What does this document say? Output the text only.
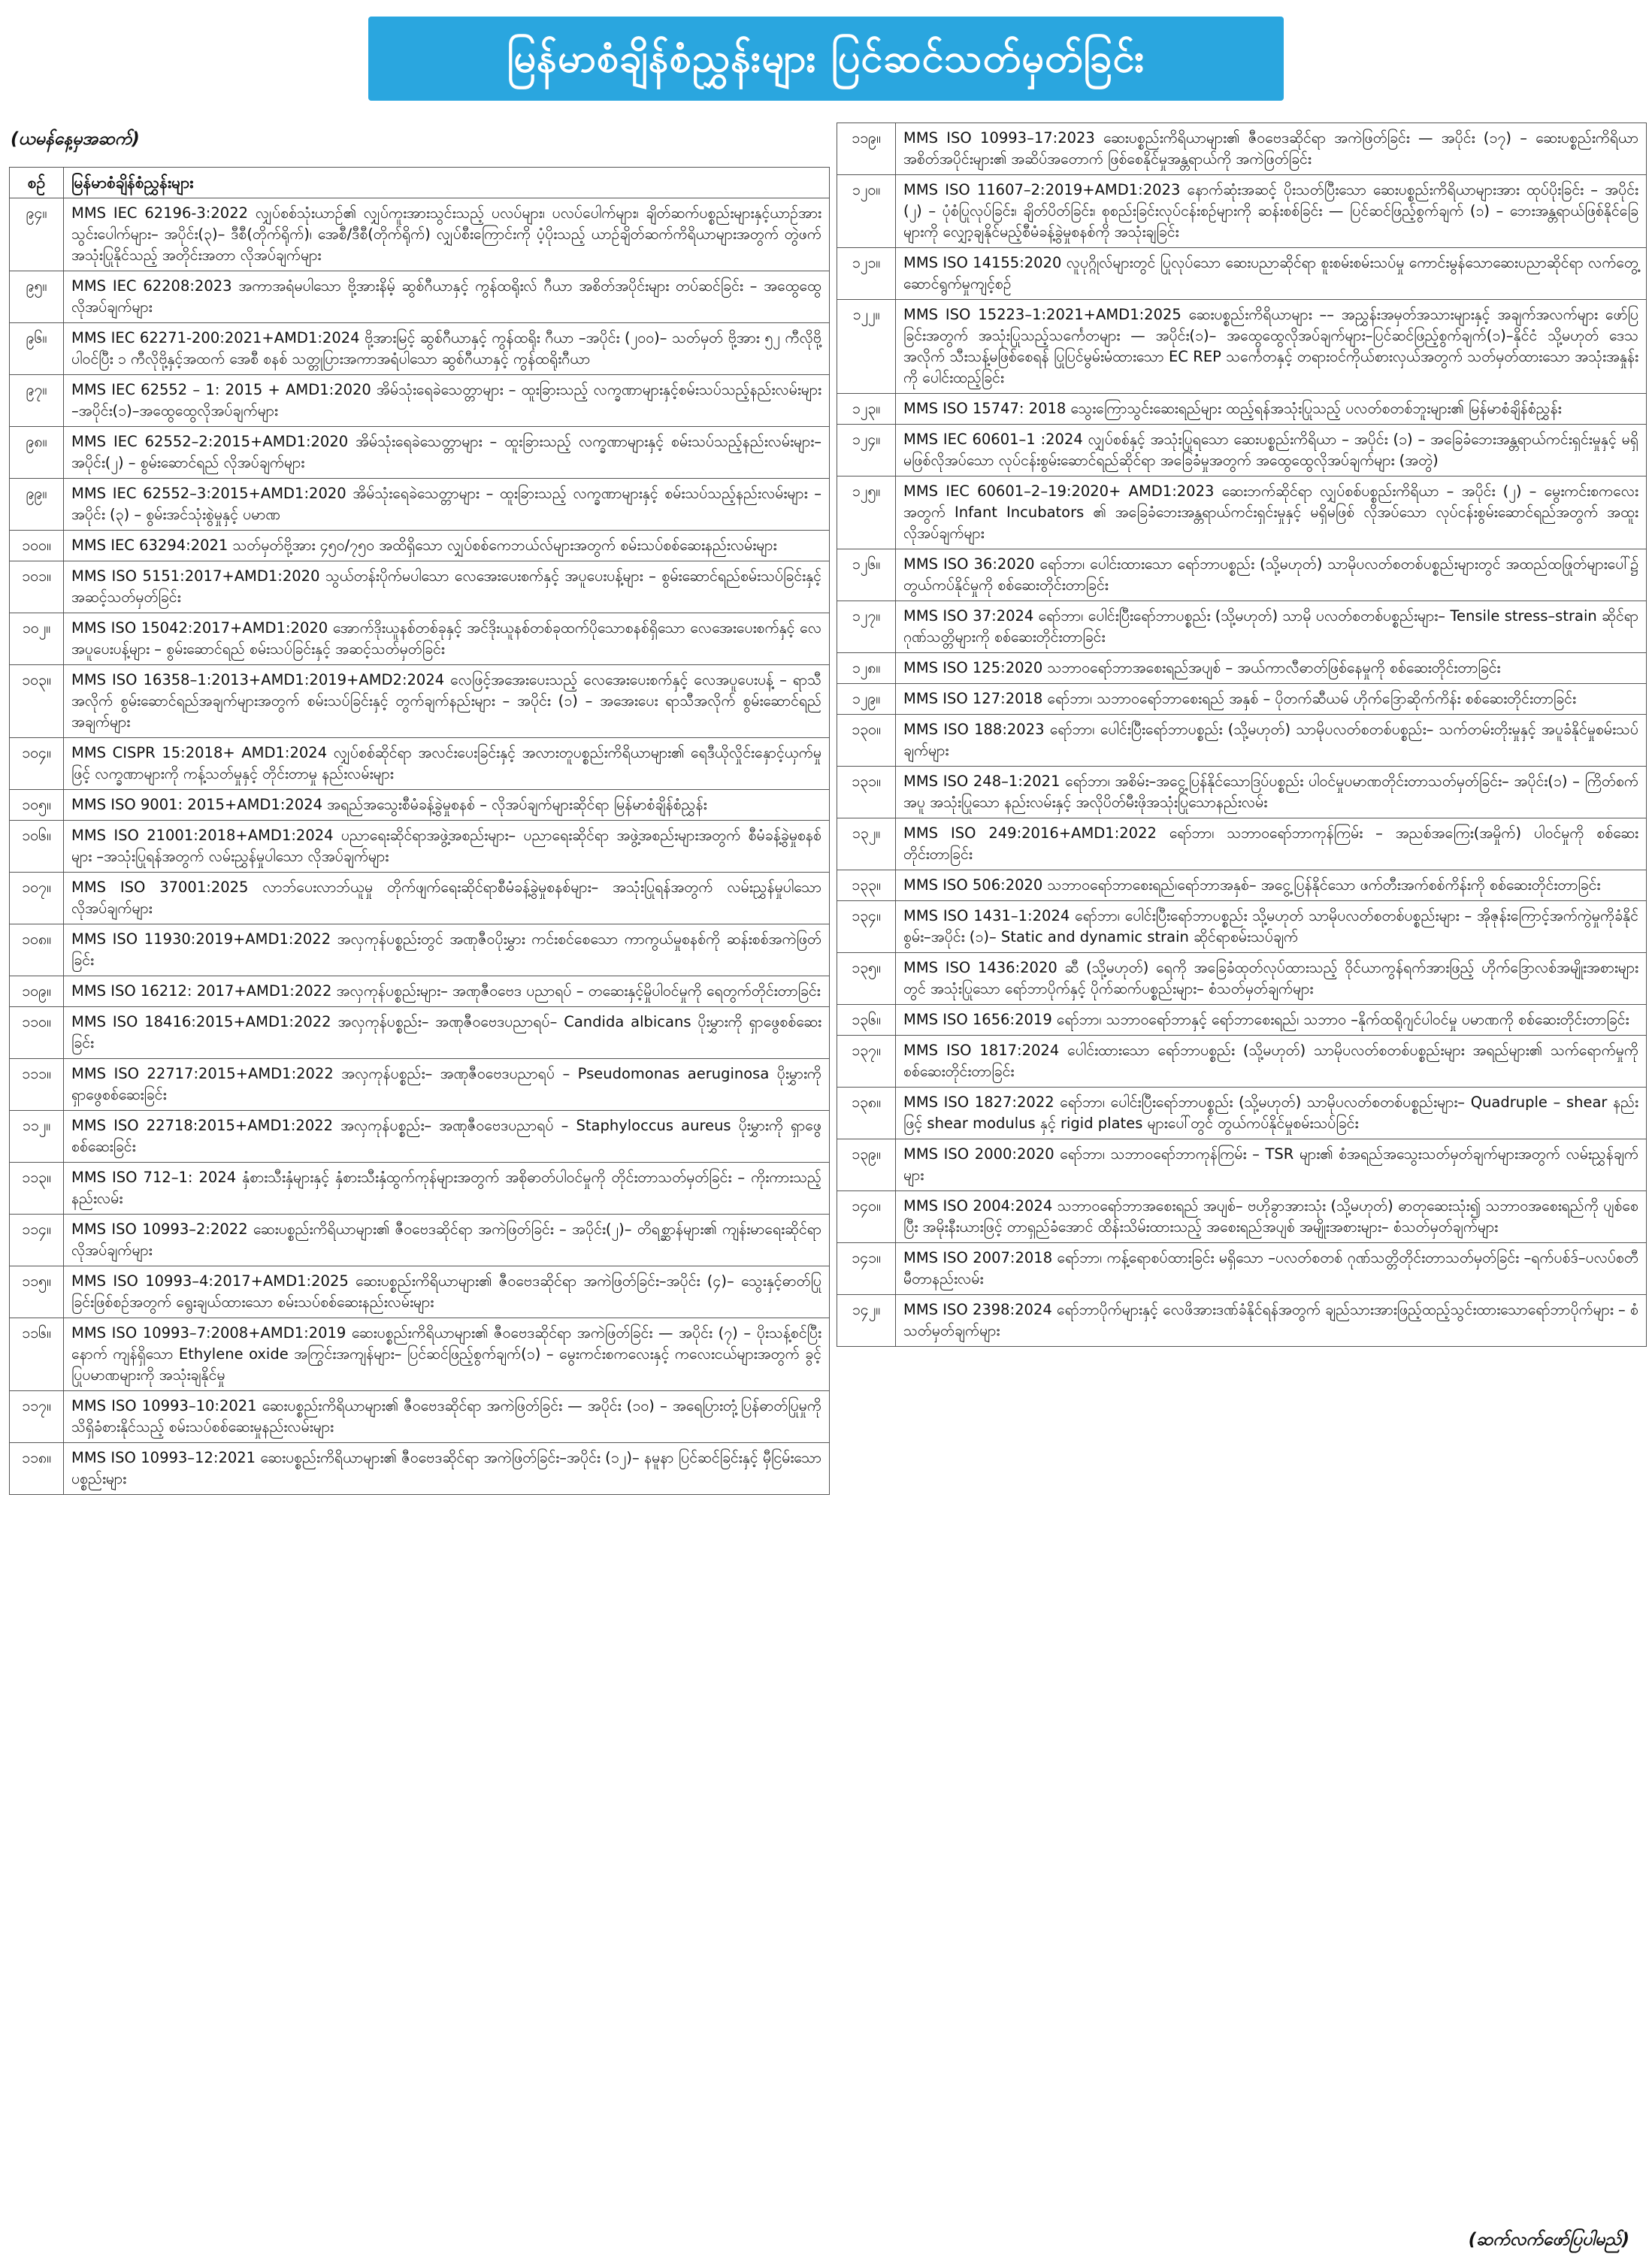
မြန်မာစံချိန်စံညွှန်းများ ပြင်ဆင်သတ်မှတ်ခြင်း
(ယမန်နေ့မှအဆက်)
စဉ်	မြန်မာစံချိန်စံညွှန်းများ
၉၄။	MMS IEC 62196-3:2022 လျှပ်စစ်သုံးယာဉ်၏ လျှပ်ကူးအားသွင်းသည့် ပလပ်များ၊ ပလပ်ပေါက်များ၊ ချိတ်ဆက်ပစ္စည်းများနှင့်ယာဉ်အားသွင်းပေါက်များ– အပိုင်း(၃)– ဒီစီ(တိုက်ရိုက်)၊ အေစီ/ဒီစီ(တိုက်ရိုက်) လျှပ်စီးကြောင်းကို ပံ့ပိုးသည့် ယာဉ်ချိတ်ဆက်ကိရိယာများအတွက် တွဲဖက်အသုံးပြုနိုင်သည့် အတိုင်းအတာ လိုအပ်ချက်များ
၉၅။	MMS IEC 62208:2023 အကာအရံမပါသော ဗို့အားနိမ့် ဆွစ်ဂီယာနှင့် ကွန်ထရိုးလ် ဂီယာ အစိတ်အပိုင်းများ တပ်ဆင်ခြင်း – အထွေထွေလိုအပ်ချက်များ
၉၆။	MMS IEC 62271-200:2021+AMD1:2024 ဗို့အားမြင့် ဆွစ်ဂီယာနှင့် ကွန်ထရိုး ဂီယာ –အပိုင်း (၂၀၀)– သတ်မှတ် ဗို့အား ၅၂ ကီလိုဗို့ ပါဝင်ပြီး ၁ ကီလိုဗို့နှင့်အထက် အေစီ စနစ် သတ္တုပြားအကာအရံပါသော ဆွစ်ဂီယာနှင့် ကွန်ထရိုးဂီယာ
၉၇။	MMS IEC 62552 – 1: 2015 + AMD1:2020 အိမ်သုံးရေခဲသေတ္တာများ – ထူးခြားသည့် လက္ခဏာများနှင့်စမ်းသပ်သည့်နည်းလမ်းများ –အပိုင်း(၁)–အထွေထွေလိုအပ်ချက်များ
၉၈။	MMS IEC 62552–2:2015+AMD1:2020 အိမ်သုံးရေခဲသေတ္တာများ – ထူးခြားသည့် လက္ခဏာများနှင့် စမ်းသပ်သည့်နည်းလမ်းများ– အပိုင်း(၂) – စွမ်းဆောင်ရည် လိုအပ်ချက်များ
၉၉။	MMS IEC 62552–3:2015+AMD1:2020 အိမ်သုံးရေခဲသေတ္တာများ – ထူးခြားသည့် လက္ခဏာများနှင့် စမ်းသပ်သည့်နည်းလမ်းများ –အပိုင်း (၃) – စွမ်းအင်သုံးစွဲမှုနှင့် ပမာဏ
၁၀၀။	MMS IEC 63294:2021 သတ်မှတ်ဗို့အား ၄၅၀/၇၅၀ အထိရှိသော လျှပ်စစ်ကေဘယ်လ်များအတွက် စမ်းသပ်စစ်ဆေးနည်းလမ်းများ
၁၀၁။	MMS ISO 5151:2017+AMD1:2020 သွယ်တန်းပိုက်မပါသော လေအေးပေးစက်နှင့် အပူပေးပန့်များ – စွမ်းဆောင်ရည်စမ်းသပ်ခြင်းနှင့် အဆင့်သတ်မှတ်ခြင်း
၁၀၂။	MMS ISO 15042:2017+AMD1:2020 အောက်ဒိုးယူနစ်တစ်ခုနှင့် အင်ဒိုးယူနစ်တစ်ခုထက်ပိုသောစနစ်ရှိသော လေအေးပေးစက်နှင့် လေအပူပေးပန့်များ – စွမ်းဆောင်ရည် စမ်းသပ်ခြင်းနှင့် အဆင့်သတ်မှတ်ခြင်း
၁၀၃။	MMS ISO 16358–1:2013+AMD1:2019+AMD2:2024 လေဖြင့်အအေးပေးသည့် လေအေးပေးစက်နှင့် လေအပူပေးပန့် – ရာသီအလိုက် စွမ်းဆောင်ရည်အချက်များအတွက် စမ်းသပ်ခြင်းနှင့် တွက်ချက်နည်းများ – အပိုင်း (၁) – အအေးပေး ရာသီအလိုက် စွမ်းဆောင်ရည်အချက်များ
၁၀၄။	MMS CISPR 15:2018+ AMD1:2024 လျှပ်စစ်ဆိုင်ရာ အလင်းပေးခြင်းနှင့် အလားတူပစ္စည်းကိရိယာများ၏ ရေဒီယိုလှိုင်းနှောင့်ယှက်မှုဖြင့် လက္ခဏာများကို ကန့်သတ်မှုနှင့် တိုင်းတာမှု နည်းလမ်းများ
၁၀၅။	MMS ISO 9001: 2015+AMD1:2024 အရည်အသွေးစီမံခန့်ခွဲမှုစနစ် – လိုအပ်ချက်များဆိုင်ရာ မြန်မာစံချိန်စံညွှန်း
၁၀၆။	MMS ISO 21001:2018+AMD1:2024 ပညာရေးဆိုင်ရာအဖွဲ့အစည်းများ– ပညာရေးဆိုင်ရာ အဖွဲ့အစည်းများအတွက် စီမံခန့်ခွဲမှုစနစ်များ –အသုံးပြုရန်အတွက် လမ်းညွှန်မှုပါသော လိုအပ်ချက်များ
၁၀၇။	MMS ISO 37001:2025 လာဘ်ပေးလာဘ်ယူမှု တိုက်ဖျက်ရေးဆိုင်ရာစီမံခန့်ခွဲမှုစနစ်များ– အသုံးပြုရန်အတွက် လမ်းညွှန်မှုပါသောလိုအပ်ချက်များ
၁၀၈။	MMS ISO 11930:2019+AMD1:2022 အလှကုန်ပစ္စည်းတွင် အဏုဇီဝပိုးမွှား ကင်းစင်စေသော ကာကွယ်မှုစနစ်ကို ဆန်းစစ်အကဲဖြတ်ခြင်း
၁၀၉။	MMS ISO 16212: 2017+AMD1:2022 အလှကုန်ပစ္စည်းများ– အဏုဇီဝဗေဒ ပညာရပ် – တဆေးနှင့်မှိုပါဝင်မှုကို ရေတွက်တိုင်းတာခြင်း
၁၁၀။	MMS ISO 18416:2015+AMD1:2022 အလှကုန်ပစ္စည်း– အဏုဇီဝဗေဒပညာရပ်– Candida albicans ပိုးမွှားကို ရှာဖွေစစ်ဆေးခြင်း
၁၁၁။	MMS ISO 22717:2015+AMD1:2022 အလှကုန်ပစ္စည်း– အဏုဇီဝဗေဒပညာရပ် – Pseudomonas aeruginosa ပိုးမွှားကို ရှာဖွေစစ်ဆေးခြင်း
၁၁၂။	MMS ISO 22718:2015+AMD1:2022 အလှကုန်ပစ္စည်း– အဏုဇီဝဗေဒပညာရပ် – Staphyloccus aureus ပိုးမွှားကို ရှာဖွေစစ်ဆေးခြင်း
၁၁၃။	MMS ISO 712–1: 2024 နှံစားသီးနှံများနှင့် နှံစားသီးနှံထွက်ကုန်များအတွက် အစိုဓာတ်ပါဝင်မှုကို တိုင်းတာသတ်မှတ်ခြင်း – ကိုးကားသည့်နည်းလမ်း
၁၁၄။	MMS ISO 10993–2:2022 ဆေးပစ္စည်းကိရိယာများ၏ ဇီဝဗေဒဆိုင်ရာ အကဲဖြတ်ခြင်း – အပိုင်း(၂)– တိရစ္ဆာန်များ၏ ကျန်းမာရေးဆိုင်ရာ လိုအပ်ချက်များ
၁၁၅။	MMS ISO 10993–4:2017+AMD1:2025 ဆေးပစ္စည်းကိရိယာများ၏ ဇီဝဗေဒဆိုင်ရာ အကဲဖြတ်ခြင်း–အပိုင်း (၄)– သွေးနှင့်ဓာတ်ပြုခြင်းဖြစ်စဉ်အတွက် ရွေးချယ်ထားသော စမ်းသပ်စစ်ဆေးနည်းလမ်းများ
၁၁၆။	MMS ISO 10993–7:2008+AMD1:2019 ဆေးပစ္စည်းကိရိယာများ၏ ဇီဝဗေဒဆိုင်ရာ အကဲဖြတ်ခြင်း — အပိုင်း (၇) – ပိုးသန့်စင်ပြီးနောက် ကျန်ရှိသော Ethylene oxide အကြွင်းအကျန်များ– ပြင်ဆင်ဖြည့်စွက်ချက်(၁) – မွေးကင်းစကလေးနှင့် ကလေးငယ်များအတွက် ခွင့်ပြုပမာဏများကို အသုံးချနိုင်မှု
၁၁၇။	MMS ISO 10993–10:2021 ဆေးပစ္စည်းကိရိယာများ၏ ဇီဝဗေဒဆိုင်ရာ အကဲဖြတ်ခြင်း — အပိုင်း (၁၀) – အရေပြားတုံ့ပြန်ဓာတ်ပြုမှုကို သိရှိခံစားနိုင်သည့် စမ်းသပ်စစ်ဆေးမှုနည်းလမ်းများ
၁၁၈။	MMS ISO 10993–12:2021 ဆေးပစ္စည်းကိရိယာများ၏ ဇီဝဗေဒဆိုင်ရာ အကဲဖြတ်ခြင်း–အပိုင်း (၁၂)– နမူနာ ပြင်ဆင်ခြင်းနှင့် မှီငြမ်းသောပစ္စည်းများ
၁၁၉။	MMS ISO 10993–17:2023 ဆေးပစ္စည်းကိရိယာများ၏ ဇီဝဗေဒဆိုင်ရာ အကဲဖြတ်ခြင်း — အပိုင်း (၁၇) – ဆေးပစ္စည်းကိရိယာအစိတ်အပိုင်းများ၏ အဆိပ်အတောက် ဖြစ်စေနိုင်မှုအန္တရာယ်ကို အကဲဖြတ်ခြင်း
၁၂၀။	MMS ISO 11607–2:2019+AMD1:2023 နောက်ဆုံးအဆင့် ပိုးသတ်ပြီးသော ဆေးပစ္စည်းကိရိယာများအား ထုပ်ပိုးခြင်း – အပိုင်း (၂) – ပုံစံပြုလုပ်ခြင်း၊ ချိတ်ပိတ်ခြင်း၊ စုစည်းခြင်းလုပ်ငန်းစဉ်များကို ဆန်းစစ်ခြင်း — ပြင်ဆင်ဖြည့်စွက်ချက် (၁) – ဘေးအန္တရာယ်ဖြစ်နိုင်ခြေများကို လျှော့ချနိုင်မည့်စီမံခန့်ခွဲမှုစနစ်ကို အသုံးချခြင်း
၁၂၁။	MMS ISO 14155:2020 လူပုဂ္ဂိုလ်များတွင် ပြုလုပ်သော ဆေးပညာဆိုင်ရာ စူးစမ်းစမ်းသပ်မှု ကောင်းမွန်သောဆေးပညာဆိုင်ရာ လက်တွေ့ဆောင်ရွက်မှုကျင့်စဉ်
၁၂၂။	MMS ISO 15223–1:2021+AMD1:2025 ဆေးပစ္စည်းကိရိယာများ –– အညွှန်းအမှတ်အသားများနှင့် အချက်အလက်များ ဖော်ပြခြင်းအတွက် အသုံးပြုသည့်သင်္ကေတများ — အပိုင်း(၁)– အထွေထွေလိုအပ်ချက်များ–ပြင်ဆင်ဖြည့်စွက်ချက်(၁)–နိုင်ငံ သို့မဟုတ် ဒေသအလိုက် သီးသန့်မဖြစ်စေရန် ပြုပြင်မွမ်းမံထားသော EC REP သင်္ကေတနှင့် တရားဝင်ကိုယ်စားလှယ်အတွက် သတ်မှတ်ထားသော အသုံးအနှုန်းကို ပေါင်းထည့်ခြင်း
၁၂၃။	MMS ISO 15747: 2018 သွေးကြောသွင်းဆေးရည်များ ထည့်ရန်အသုံးပြုသည့် ပလတ်စတစ်ဘူးများ၏ မြန်မာစံချိန်စံညွှန်း
၁၂၄။	MMS IEC 60601–1 :2024 လျှပ်စစ်နှင့် အသုံးပြုရသော ဆေးပစ္စည်းကိရိယာ – အပိုင်း (၁) – အခြေခံဘေးအန္တရာယ်ကင်းရှင်းမှုနှင့် မရှိမဖြစ်လိုအပ်သော လုပ်ငန်းစွမ်းဆောင်ရည်ဆိုင်ရာ အခြေခံမှုအတွက် အထွေထွေလိုအပ်ချက်များ (အတွဲ)
၁၂၅။	MMS IEC 60601–2–19:2020+ AMD1:2023 ဆေးဘက်ဆိုင်ရာ လျှပ်စစ်ပစ္စည်းကိရိယာ – အပိုင်း (၂) – မွေးကင်းစကလေးအတွက် Infant Incubators ၏ အခြေခံဘေးအန္တရာယ်ကင်းရှင်းမှုနှင့် မရှိမဖြစ် လိုအပ်သော လုပ်ငန်းစွမ်းဆောင်ရည်အတွက် အထူးလိုအပ်ချက်များ
၁၂၆။	MMS ISO 36:2020 ရော်ဘာ၊ ပေါင်းထားသော ရော်ဘာပစ္စည်း (သို့မဟုတ်) သာမိုပလတ်စတစ်ပစ္စည်းများတွင် အထည်ထဖြုတ်များပေါ်၌ တွယ်ကပ်နိုင်မှုကို စစ်ဆေးတိုင်းတာခြင်း
၁၂၇။	MMS ISO 37:2024 ရော်ဘာ၊ ပေါင်းပြီးရော်ဘာပစ္စည်း (သို့မဟုတ်) သာမို ပလတ်စတစ်ပစ္စည်းများ– Tensile stress–strain ဆိုင်ရာဂုဏ်သတ္တိများကို စစ်ဆေးတိုင်းတာခြင်း
၁၂၈။	MMS ISO 125:2020 သဘာဝရော်ဘာအစေးရည်အပျစ် – အယ်ကာလီဓာတ်ဖြစ်နေမှုကို စစ်ဆေးတိုင်းတာခြင်း
၁၂၉။	MMS ISO 127:2018 ရော်ဘာ၊ သဘာဝရော်ဘာစေးရည် အနှစ် – ပိုတက်ဆီယမ် ဟိုက်ဒြောဆိုက်ကိန်း စစ်ဆေးတိုင်းတာခြင်း
၁၃၀။	MMS ISO 188:2023 ရော်ဘာ၊ ပေါင်းပြီးရော်ဘာပစ္စည်း (သို့မဟုတ်) သာမိုပလတ်စတစ်ပစ္စည်း– သက်တမ်းတိုးမှုနှင့် အပူခံနိုင်မှုစမ်းသပ်ချက်များ
၁၃၁။	MMS ISO 248–1:2021 ရော်ဘာ၊ အစိမ်း–အငွေ့ပြန်နိုင်သောဒြပ်ပစ္စည်း ပါဝင်မှုပမာဏတိုင်းတာသတ်မှတ်ခြင်း– အပိုင်း(၁) – ကြိတ်စက်အပူ အသုံးပြုသော နည်းလမ်းနှင့် အလိုပိတ်မီးဖိုအသုံးပြုသောနည်းလမ်း
၁၃၂။	MMS ISO 249:2016+AMD1:2022 ရော်ဘာ၊ သဘာဝရော်ဘာကုန်ကြမ်း – အညစ်အကြေး(အမှိုက်) ပါဝင်မှုကို စစ်ဆေးတိုင်းတာခြင်း
၁၃၃။	MMS ISO 506:2020 သဘာဝရော်ဘာစေးရည်၊ရော်ဘာအနှစ်– အငွေ့ပြန်နိုင်သော ဖက်တီးအက်စစ်ကိန်းကို စစ်ဆေးတိုင်းတာခြင်း
၁၃၄။	MMS ISO 1431–1:2024 ရော်ဘာ၊ ပေါင်းပြီးရော်ဘာပစ္စည်း သို့မဟုတ် သာမိုပလတ်စတစ်ပစ္စည်းများ – အိုဇုန်းကြောင့်အက်ကွဲမှုကိုခံနိုင်စွမ်း–အပိုင်း (၁)– Static and dynamic strain ဆိုင်ရာစမ်းသပ်ချက်
၁၃၅။	MMS ISO 1436:2020 ဆီ (သို့မဟုတ်) ရေကို အခြေခံထုတ်လုပ်ထားသည့် ဝိုင်ယာကွန်ရက်အားဖြည့် ဟိုက်ဒြောလစ်အမျိုးအစားများတွင် အသုံးပြုသော ရော်ဘာပိုက်နှင့် ပိုက်ဆက်ပစ္စည်းများ– စံသတ်မှတ်ချက်များ
၁၃၆။	MMS ISO 1656:2019 ရော်ဘာ၊ သဘာဝရော်ဘာနှင့် ရော်ဘာစေးရည်၊ သဘာဝ –နိုက်ထရိုဂျင်ပါဝင်မှု ပမာဏကို စစ်ဆေးတိုင်းတာခြင်း
၁၃၇။	MMS ISO 1817:2024 ပေါင်းထားသော ရော်ဘာပစ္စည်း (သို့မဟုတ်) သာမိုပလတ်စတစ်ပစ္စည်းများ အရည်များ၏ သက်ရောက်မှုကို စစ်ဆေးတိုင်းတာခြင်း
၁၃၈။	MMS ISO 1827:2022 ရော်ဘာ၊ ပေါင်းပြီးရော်ဘာပစ္စည်း (သို့မဟုတ်) သာမိုပလတ်စတစ်ပစ္စည်းများ– Quadruple – shear နည်းဖြင့် shear modulus နှင့် rigid plates များပေါ်တွင် တွယ်ကပ်နိုင်မှုစမ်းသပ်ခြင်း
၁၃၉။	MMS ISO 2000:2020 ရော်ဘာ၊ သဘာဝရော်ဘာကုန်ကြမ်း – TSR များ၏ စံအရည်အသွေးသတ်မှတ်ချက်များအတွက် လမ်းညွှန်ချက်များ
၁၄၀။	MMS ISO 2004:2024 သဘာဝရော်ဘာအစေးရည် အပျစ်– ဗဟိုခွာအားသုံး (သို့မဟုတ်) ဓာတုဆေးသုံး၍ သဘာဝအစေးရည်ကို ပျစ်စေပြီး အမိုးနီးယားဖြင့် တာရှည်ခံအောင် ထိန်းသိမ်းထားသည့် အစေးရည်အပျစ် အမျိုးအစားများ– စံသတ်မှတ်ချက်များ
၁၄၁။	MMS ISO 2007:2018 ရော်ဘာ၊ ကန့်ရောစပ်ထားခြင်း မရှိသော –ပလတ်စတစ် ဂုဏ်သတ္တိတိုင်းတာသတ်မှတ်ခြင်း –ရက်ပစ်ဒ်–ပလပ်စတီမီတာနည်းလမ်း
၁၄၂။	MMS ISO 2398:2024 ရော်ဘာပိုက်များနှင့် လေဖိအားဒဏ်ခံနိုင်ရန်အတွက် ချည်သားအားဖြည့်ထည့်သွင်းထားသောရော်ဘာပိုက်များ – စံသတ်မှတ်ချက်များ
(ဆက်လက်ဖော်ပြပါမည်)
